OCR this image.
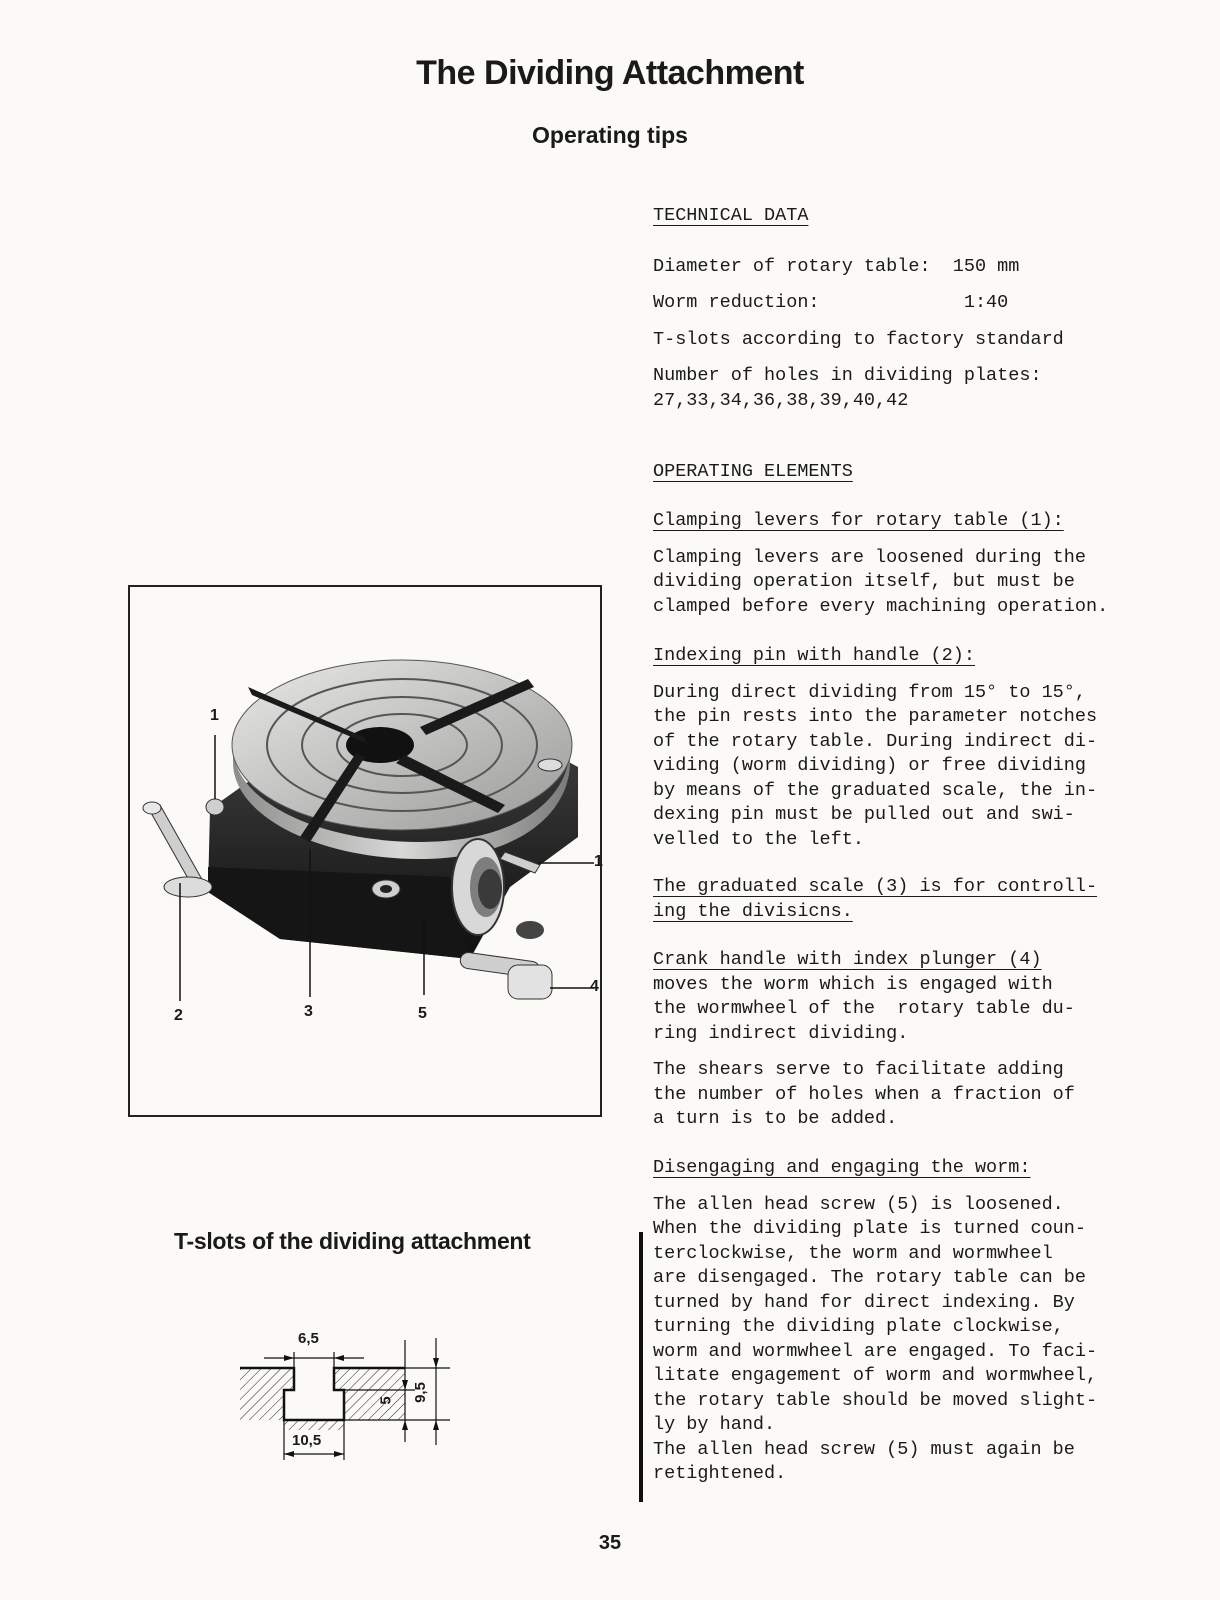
The Dividing Attachment
Operating tips

TECHNICAL DATA

Diameter of rotary table:  150 mm

Worm reduction:             1:40

T-slots according to factory standard

Number of holes in dividing plates:

27,33,34,36,38,39,40,42

OPERATING ELEMENTS

Clamping levers for rotary table (1):

Clamping levers are loosened during the

dividing operation itself, but must be

clamped before every machining operation.

Indexing pin with handle (2):

During direct dividing from 15° to 15°,

the pin rests into the parameter notches

of the rotary table. During indirect di-

viding (worm dividing) or free dividing

by means of the graduated scale, the in-

dexing pin must be pulled out and swi-

velled to the left.

The graduated scale (3) is for controll-

ing the divisicns.

Crank handle with index plunger (4)

moves the worm which is engaged with

the wormwheel of the  rotary table du-

ring indirect dividing.

The shears serve to facilitate adding

the number of holes when a fraction of

a turn is to be added.

Disengaging and engaging the worm:

The allen head screw (5) is loosened.

When the dividing plate is turned coun-

terclockwise, the worm and wormwheel

are disengaged. The rotary table can be

turned by hand for direct indexing. By

turning the dividing plate clockwise,

worm and wormwheel are engaged. To faci-

litate engagement of worm and wormwheel,

the rotary table should be moved slight-

ly by hand.

The allen head screw (5) must again be

retightened.

1
1
2	3	5
4
T-slots of the dividing attachment
6,5
10,5
5 9,5
35
